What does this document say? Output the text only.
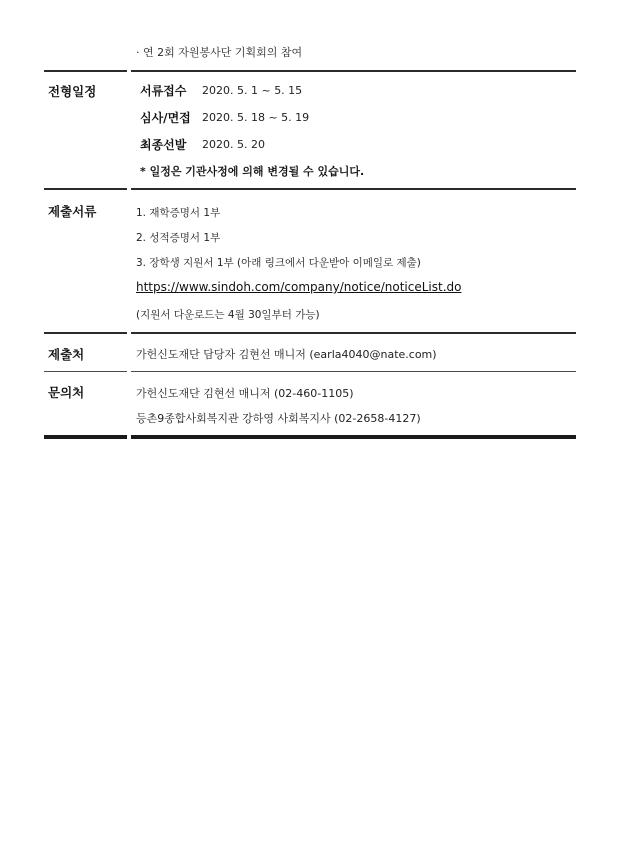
· 연 2회 자원봉사단 기획회의 참여
전형일정	서류접수 2020. 5. 1 ~ 5. 15
심사/면접 2020. 5. 18 ~ 5. 19
최종선발 2020. 5. 20
* 일정은 기관사정에 의해 변경될 수 있습니다.
제출서류	1. 재학증명서 1부
2. 성적증명서 1부
3. 장학생 지원서 1부 (아래 링크에서 다운받아 이메일로 제출)
https://www.sindoh.com/company/notice/noticeList.do
(지원서 다운로드는 4월 30일부터 가능)
제출처	가헌신도재단 담당자 김현선 매니저 (earla4040@nate.com)
문의처	가헌신도재단 김현선 매니저 (02-460-1105)
등촌9종합사회복지관 강하영 사회복지사 (02-2658-4127)
